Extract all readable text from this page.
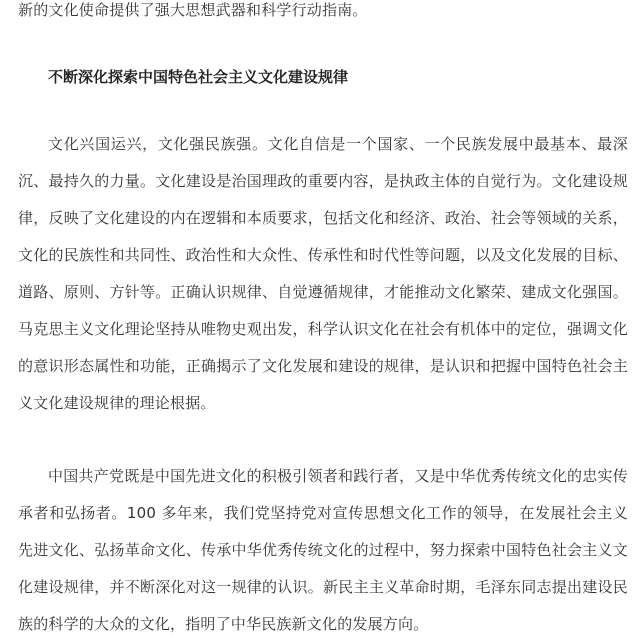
新的文化使命提供了强大思想武器和科学行动指南。

不断深化探索中国特色社会主义文化建设规律

文化兴国运兴，文化强民族强。文化自信是一个国家、一个民族发展中最基本、最深沉、最持久的力量。文化建设是治国理政的重要内容，是执政主体的自觉行为。文化建设规律，反映了文化建设的内在逻辑和本质要求，包括文化和经济、政治、社会等领域的关系，文化的民族性和共同性、政治性和大众性、传承性和时代性等问题，以及文化发展的目标、道路、原则、方针等。正确认识规律、自觉遵循规律，才能推动文化繁荣、建成文化强国。马克思主义文化理论坚持从唯物史观出发，科学认识文化在社会有机体中的定位，强调文化的意识形态属性和功能，正确揭示了文化发展和建设的规律，是认识和把握中国特色社会主义文化建设规律的理论根据。

中国共产党既是中国先进文化的积极引领者和践行者，又是中华优秀传统文化的忠实传承者和弘扬者。100 多年来，我们党坚持党对宣传思想文化工作的领导，在发展社会主义先进文化、弘扬革命文化、传承中华优秀传统文化的过程中，努力探索中国特色社会主义文化建设规律，并不断深化对这一规律的认识。新民主主义革命时期，毛泽东同志提出建设民族的科学的大众的文化，指明了中华民族新文化的发展方向。
